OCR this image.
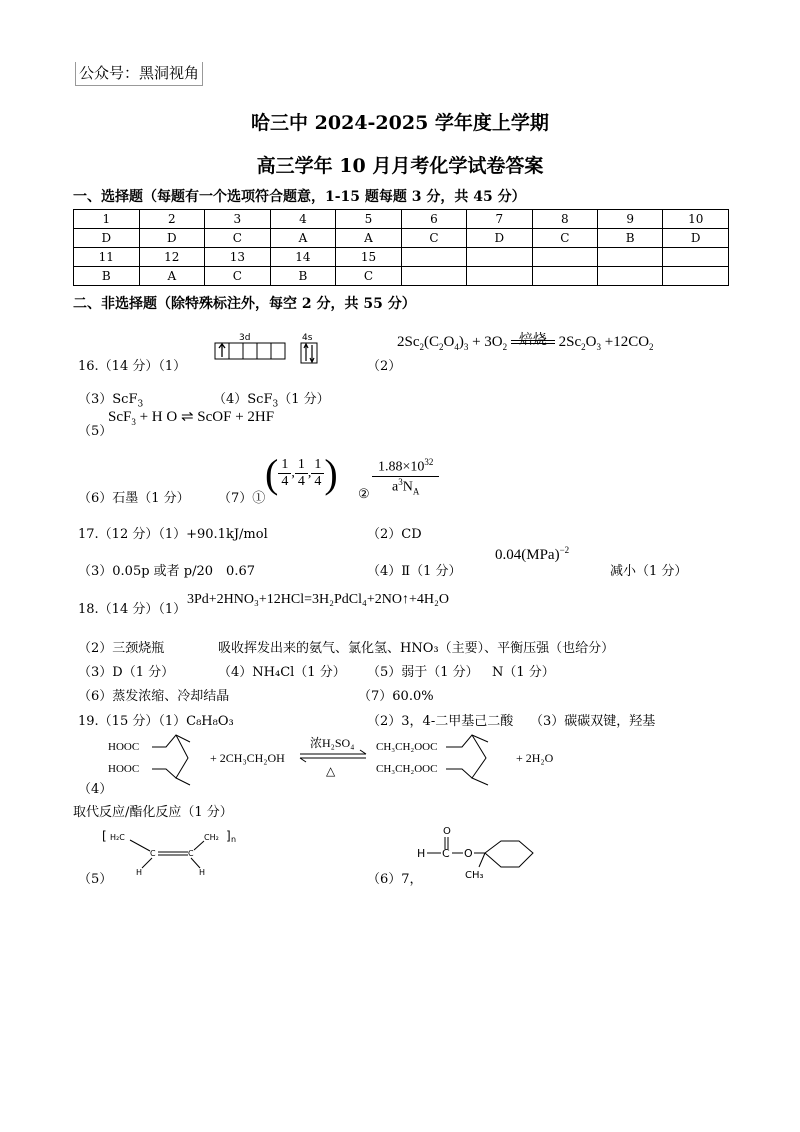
公众号：黑洞视角
哈三中 2024-2025 学年度上学期
高三学年 10 月月考化学试卷答案
一、选择题（每题有一个选项符合题意，1-15 题每题 3 分，共 45 分）
1	2	3	4	5	6	7	8	9	10
D	D	C	A	A	C	D	C	B	D
11	12	13	14	15					
B	A	C	B	C					
二、非选择题（除特殊标注外，每空 2 分，共 55 分）
16.（14 分）（1）
3d	4s
（2）
$2Sc_2(C_2O_4)_3 + 3O_2$ 焙烧 $2Sc_2O_3 +12CO_2$
（3）ScF$_3$	（4）ScF$_3$（1 分）
（5）
ScF$_3$ + H O ⇌ ScOF + 2HF
（6）石墨（1 分） （7）①
( $\frac{1}{4}$ , $\frac{1}{4}$ , $\frac{1}{4}$ ) ② $\frac{1.88\times 10^{32}}{a^3N_A}$
17.（12 分）（1）+90.1kJ/mol	（2）CD
（3）0.05p 或者 p/20　0.67	（4）Ⅱ（1 分）
0.04(MPa)$^{-2}$
减小（1 分）
18.（14 分）（1）
3Pd+2HNO₃+12HCl=3H₂PdCl₄+2NO↑+4H₂O
（2）三颈烧瓶	吸收挥发出来的氨气、氯化氢、HNO₃（主要）、平衡压强（也给分）
（3）D（1 分）	（4）NH₄Cl（1 分） （5）弱于（1 分） N（1 分）
（6）蒸发浓缩、冷却结晶	（7）60.0%
19.（15 分）（1）C₈H₈O₃	（2）3，4-二甲基己二酸 （3）碳碳双键，羟基
HOOC
HOOC
+ 2CH₃CH₂OH
浓H₂SO₄
△
CH₃CH₂OOC
CH₃CH₂OOC
+ 2H₂O
（4）
取代反应/酯化反应（1 分）
[ H₂C
C	C
CH₂ ] n
H	H
（5）	（6）7，
O
H C O
CH₃
